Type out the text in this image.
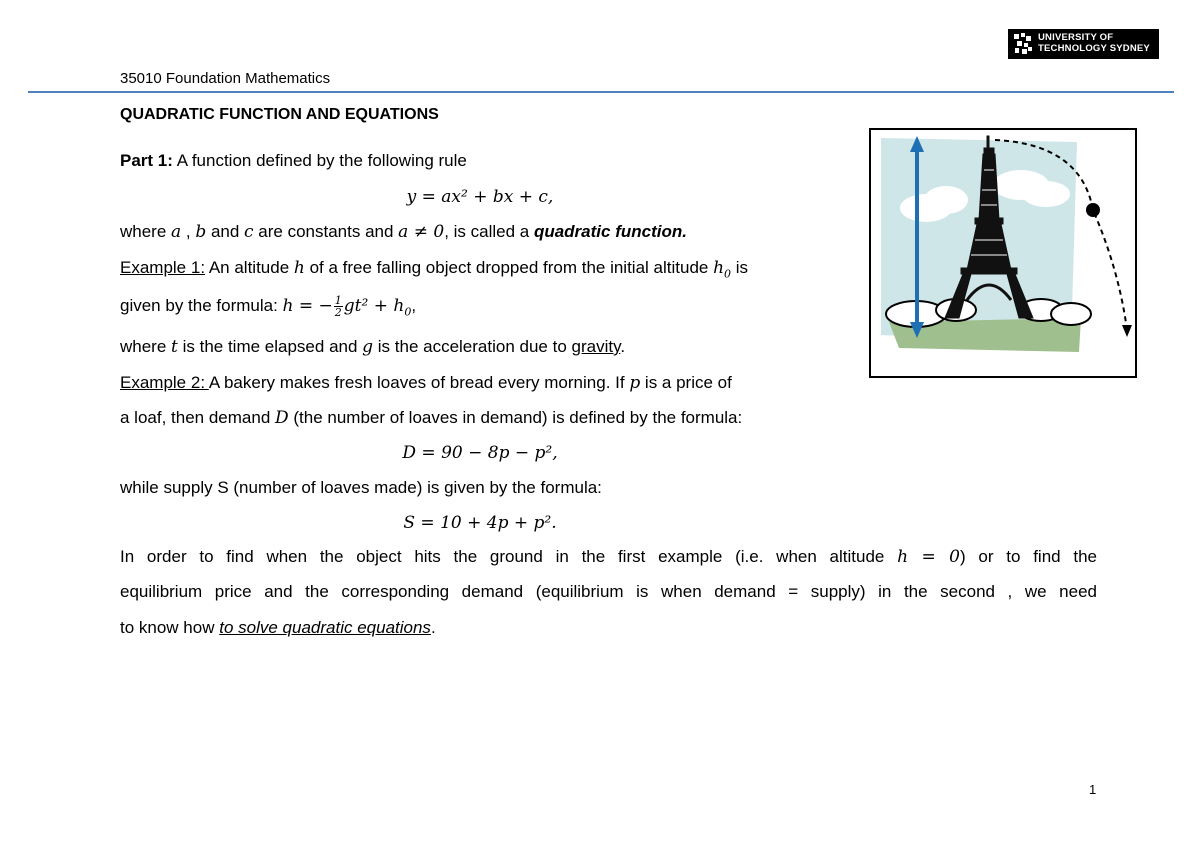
UNIVERSITY OF
TECHNOLOGY SYDNEY
35010 Foundation Mathematics
QUADRATIC FUNCTION AND EQUATIONS
Part 1: A function defined by the following rule
y = ax² + bx + c,
where a , b and c are constants and a ≠ 0, is called a quadratic function.
Example 1: An altitude h of a free falling object dropped from the initial altitude $h_0$ is
given by the formula: h = − $\frac{1}{2} gt^2 + h_0$,
where t is the time elapsed and g is the acceleration due to gravity.
Example 2: A bakery makes fresh loaves of bread every morning. If p is a price of
a loaf, then demand D (the number of loaves in demand) is defined by the formula:
D = 90 − 8p − p²,
while supply S (number of loaves made) is given by the formula:
S = 10 + 4p + p².
In order to find when the object hits the ground in the first example (i.e. when altitude h = 0) or to find the
equilibrium price and the corresponding demand (equilibrium is when demand = supply) in the second , we need
to know how to solve quadratic equations.
1
